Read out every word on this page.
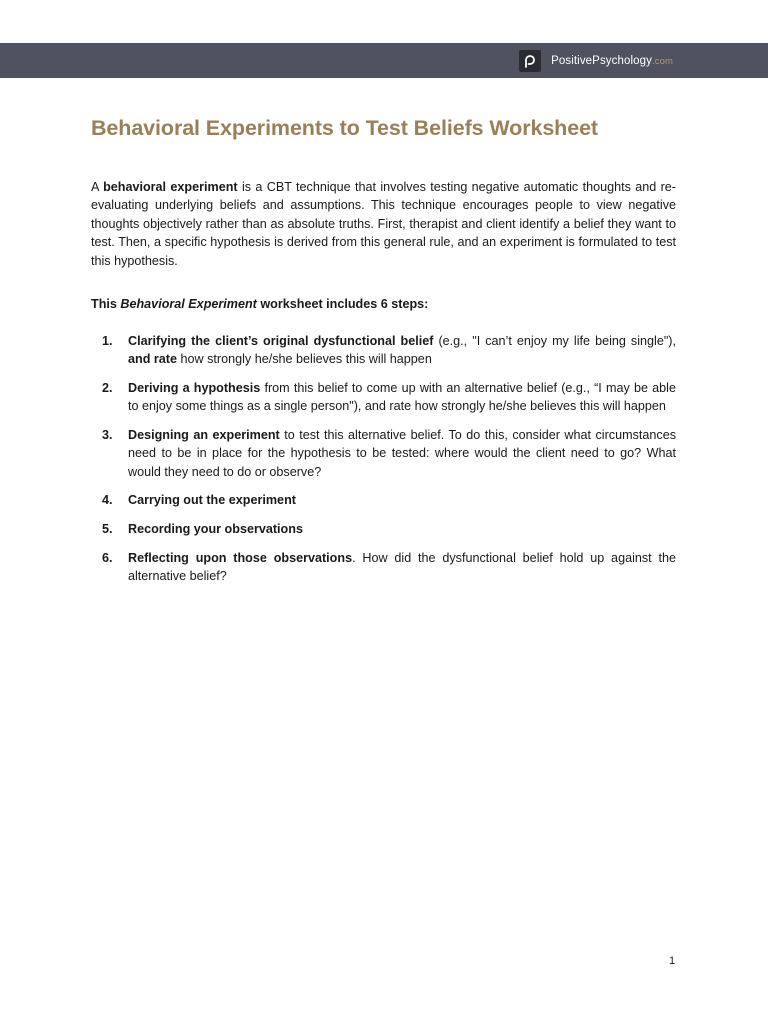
PositivePsychology.com
Behavioral Experiments to Test Beliefs Worksheet

A behavioral experiment is a CBT technique that involves testing negative automatic thoughts and re-evaluating underlying beliefs and assumptions. This technique encourages people to view negative thoughts objectively rather than as absolute truths. First, therapist and client identify a belief they want to test. Then, a specific hypothesis is derived from this general rule, and an experiment is formulated to test this hypothesis.

This Behavioral Experiment worksheet includes 6 steps:

1. Clarifying the client’s original dysfunctional belief (e.g., "I can’t enjoy my life being single"), and rate how strongly he/she believes this will happen
2. Deriving a hypothesis from this belief to come up with an alternative belief (e.g., “I may be able to enjoy some things as a single person"), and rate how strongly he/she believes this will happen
3. Designing an experiment to test this alternative belief. To do this, consider what circumstances need to be in place for the hypothesis to be tested: where would the client need to go? What would they need to do or observe?
4. Carrying out the experiment
5. Recording your observations
6. Reflecting upon those observations. How did the dysfunctional belief hold up against the alternative belief?
1
